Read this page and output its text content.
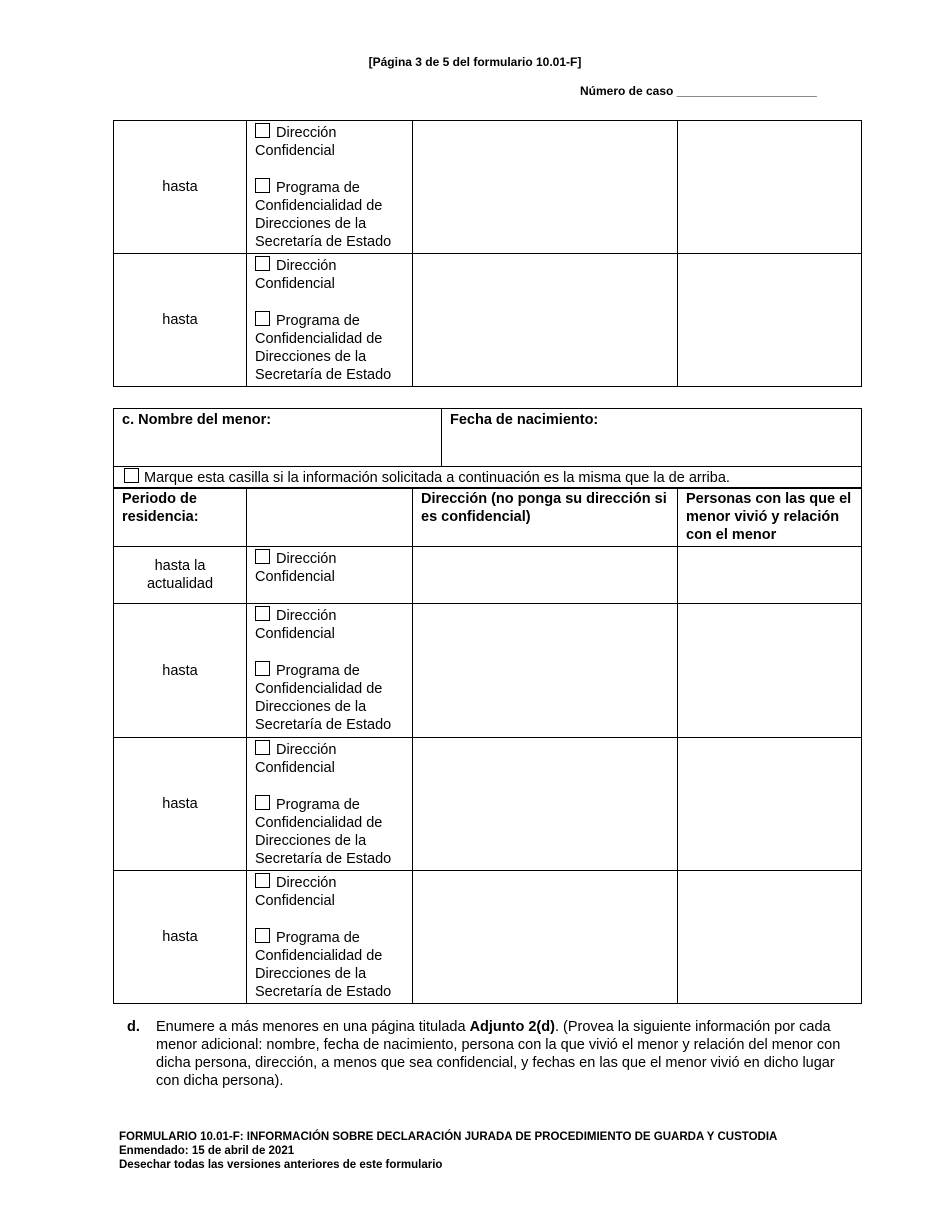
[Página 3 de 5 del formulario 10.01-F]
Número de caso _____________________
hasta	Dirección Confidencial
Programa de Confidencialidad de Direcciones de la Secretaría de Estado		

hasta	Dirección Confidencial
Programa de Confidencialidad de Direcciones de la Secretaría de Estado		

c. Nombre del menor:	Fecha de nacimiento:
Marque esta casilla si la información solicitada a continuación es la misma que la de arriba.
Periodo de residencia:		Dirección (no ponga su dirección si es confidencial)	Personas con las que el menor vivió y relación con el menor
hasta la actualidad	Dirección Confidencial		

hasta	Dirección Confidencial
Programa de Confidencialidad de Direcciones de la Secretaría de Estado		

hasta	Dirección Confidencial
Programa de Confidencialidad de Direcciones de la Secretaría de Estado		

hasta	Dirección Confidencial
Programa de Confidencialidad de Direcciones de la Secretaría de Estado		

d. Enumere a más menores en una página titulada Adjunto 2(d). (Provea la siguiente información por cada menor adicional: nombre, fecha de nacimiento, persona con la que vivió el menor y relación del menor con dicha persona, dirección, a menos que sea confidencial, y fechas en las que el menor vivió en dicho lugar con dicha persona).
FORMULARIO 10.01-F: INFORMACIÓN SOBRE DECLARACIÓN JURADA DE PROCEDIMIENTO DE GUARDA Y CUSTODIA
Enmendado: 15 de abril de 2021
Desechar todas las versiones anteriores de este formulario
